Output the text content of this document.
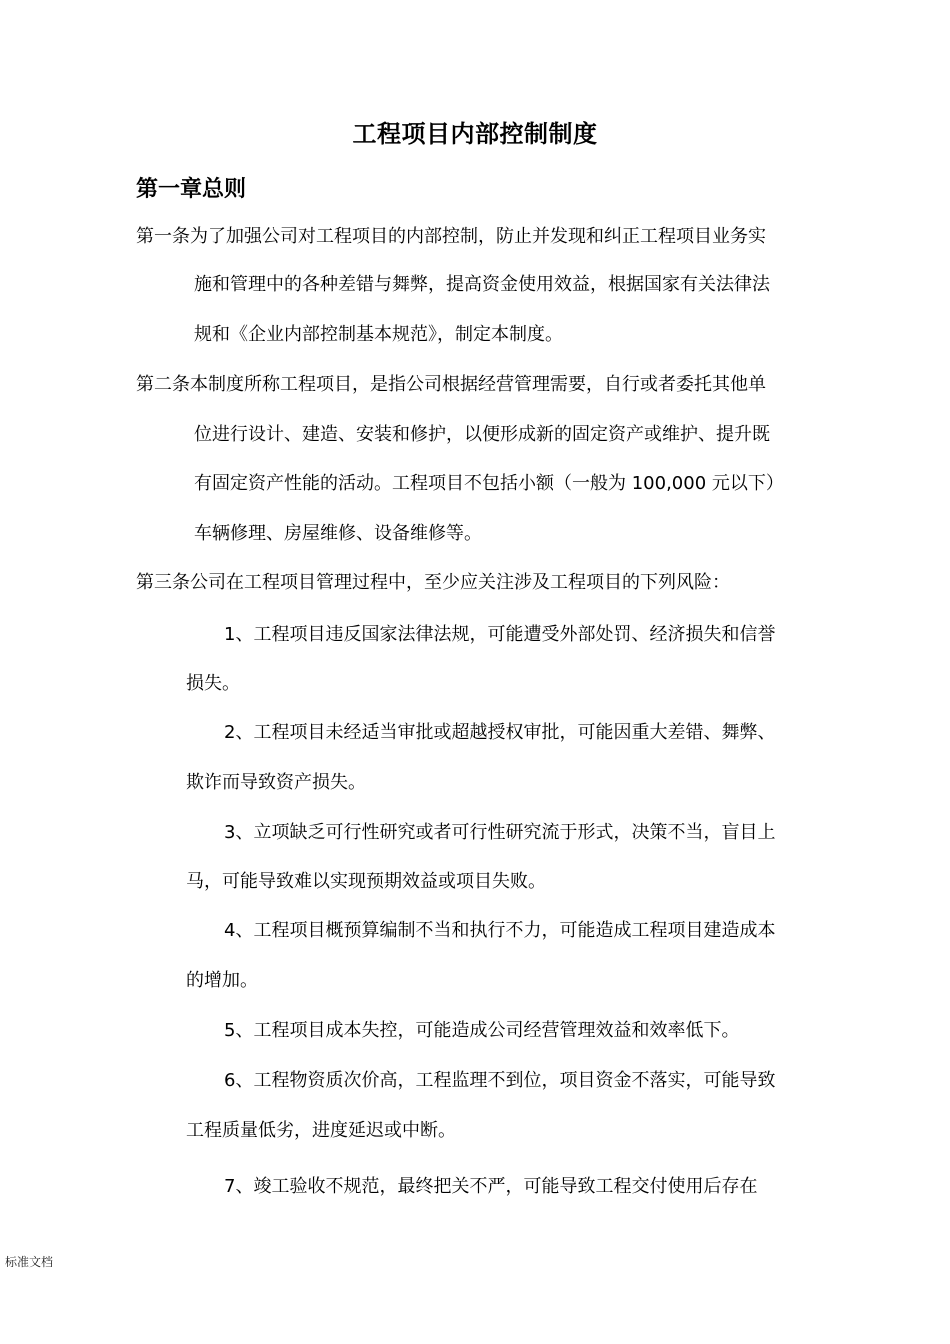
工程项目内部控制制度
第一章总则
第一条为了加强公司对工程项目的内部控制，防止并发现和纠正工程项目业务实
施和管理中的各种差错与舞弊，提高资金使用效益，根据国家有关法律法
规和《企业内部控制基本规范》，制定本制度。
第二条本制度所称工程项目，是指公司根据经营管理需要，自行或者委托其他单
位进行设计、建造、安装和修护，以便形成新的固定资产或维护、提升既
有固定资产性能的活动。工程项目不包括小额（一般为 100,000 元以下）
车辆修理、房屋维修、设备维修等。
第三条公司在工程项目管理过程中，至少应关注涉及工程项目的下列风险：
1、工程项目违反国家法律法规，可能遭受外部处罚、经济损失和信誉
损失。
2、工程项目未经适当审批或超越授权审批，可能因重大差错、舞弊、
欺诈而导致资产损失。
3、立项缺乏可行性研究或者可行性研究流于形式，决策不当，盲目上
马，可能导致难以实现预期效益或项目失败。
4、工程项目概预算编制不当和执行不力，可能造成工程项目建造成本
的增加。
5、工程项目成本失控，可能造成公司经营管理效益和效率低下。
6、工程物资质次价高，工程监理不到位，项目资金不落实，可能导致
工程质量低劣，进度延迟或中断。
7、竣工验收不规范，最终把关不严，可能导致工程交付使用后存在
标准文档
